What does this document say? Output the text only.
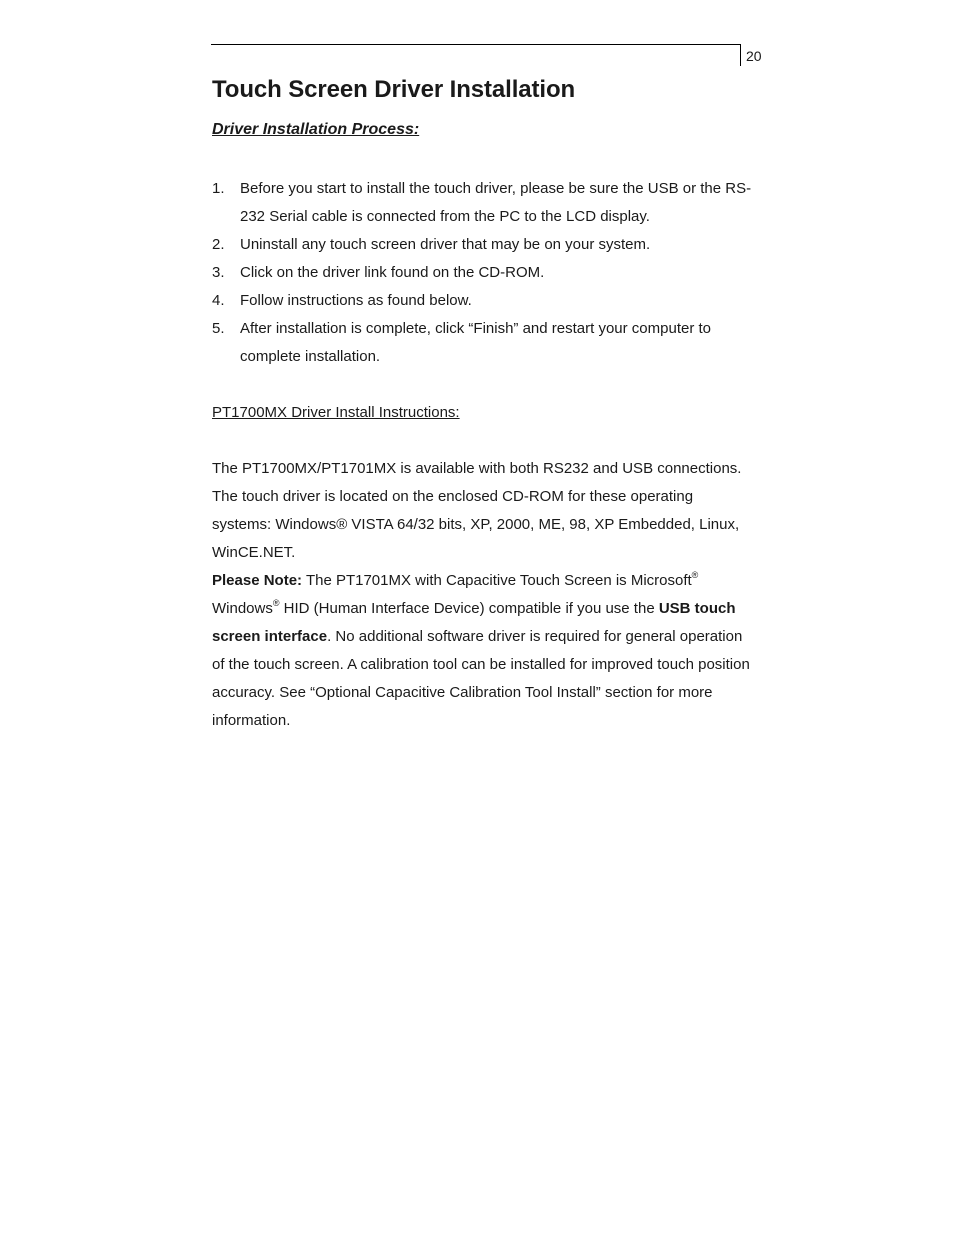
20
Touch Screen Driver Installation
Driver Installation Process:
1. Before you start to install the touch driver, please be sure the USB or the RS-232 Serial cable is connected from the PC to the LCD display.
2. Uninstall any touch screen driver that may be on your system.
3. Click on the driver link found on the CD-ROM.
4. Follow instructions as found below.
5. After installation is complete, click “Finish” and restart your computer to complete installation.
PT1700MX Driver Install Instructions:
The PT1700MX/PT1701MX is available with both RS232 and USB connections. The touch driver is located on the enclosed CD-ROM for these operating systems: Windows® VISTA 64/32 bits, XP, 2000, ME, 98, XP Embedded, Linux, WinCE.NET.
Please Note: The PT1701MX with Capacitive Touch Screen is Microsoft® Windows® HID (Human Interface Device) compatible if you use the USB touch screen interface. No additional software driver is required for general operation of the touch screen. A calibration tool can be installed for improved touch position accuracy. See “Optional Capacitive Calibration Tool Install” section for more information.
